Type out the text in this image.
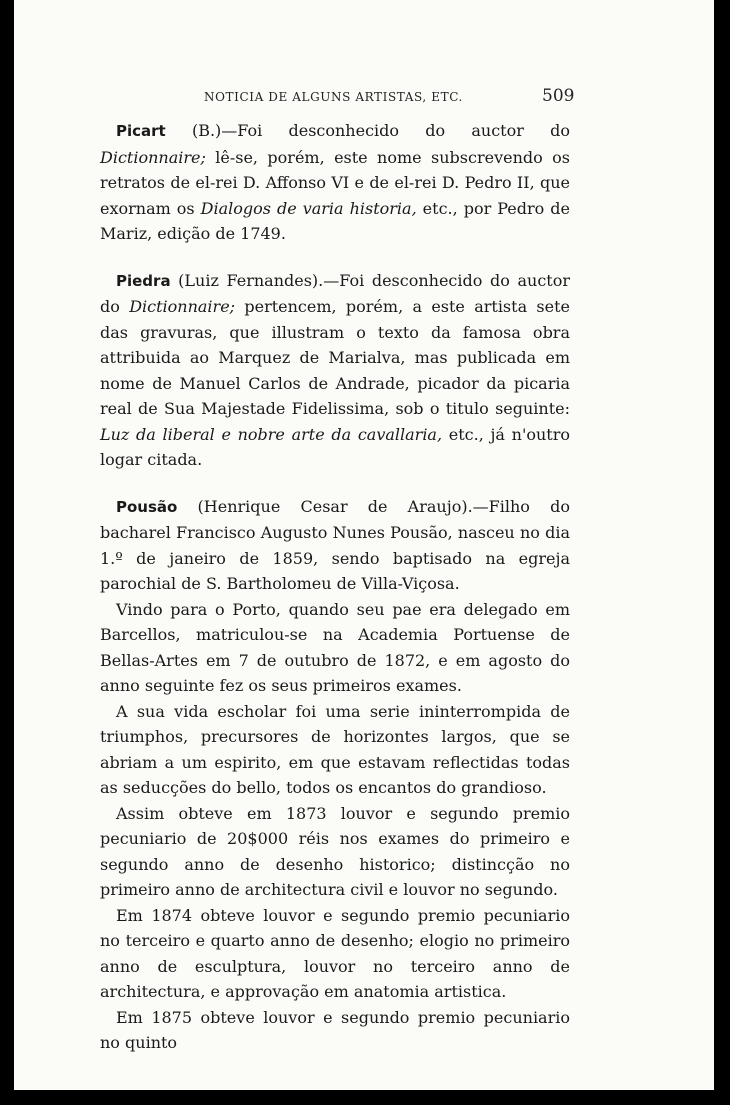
NOTICIA DE ALGUNS ARTISTAS, ETC.	509

Picart (B.)—Foi desconhecido do auctor do Dictionnaire; lê-se, porém, este nome subscrevendo os retratos de el-rei D. Affonso VI e de el-rei D. Pedro II, que exornam os Dialogos de varia historia, etc., por Pedro de Mariz, edição de 1749.

Piedra (Luiz Fernandes).—Foi desconhecido do auctor do Dictionnaire; pertencem, porém, a este artista sete das gravuras, que illustram o texto da famosa obra attribuida ao Marquez de Marialva, mas publicada em nome de Manuel Carlos de Andrade, picador da picaria real de Sua Majestade Fidelissima, sob o titulo seguinte: Luz da liberal e nobre arte da cavallaria, etc., já n'outro logar citada.

Pousão (Henrique Cesar de Araujo).—Filho do bacharel Francisco Augusto Nunes Pousão, nasceu no dia 1.º de janeiro de 1859, sendo baptisado na egreja parochial de S. Bartholomeu de Villa-Viçosa.

Vindo para o Porto, quando seu pae era delegado em Barcellos, matriculou-se na Academia Portuense de Bellas-Artes em 7 de outubro de 1872, e em agosto do anno seguinte fez os seus primeiros exames.

A sua vida escholar foi uma serie ininterrompida de triumphos, precursores de horizontes largos, que se abriam a um espirito, em que estavam reflectidas todas as seducções do bello, todos os encantos do grandioso.

Assim obteve em 1873 louvor e segundo premio pecuniario de 20$000 réis nos exames do primeiro e segundo anno de desenho historico; distincção no primeiro anno de architectura civil e louvor no segundo.

Em 1874 obteve louvor e segundo premio pecuniario no terceiro e quarto anno de desenho; elogio no primeiro anno de esculptura, louvor no terceiro anno de architectura, e approvação em anatomia artistica.

Em 1875 obteve louvor e segundo premio pecuniario no quinto
